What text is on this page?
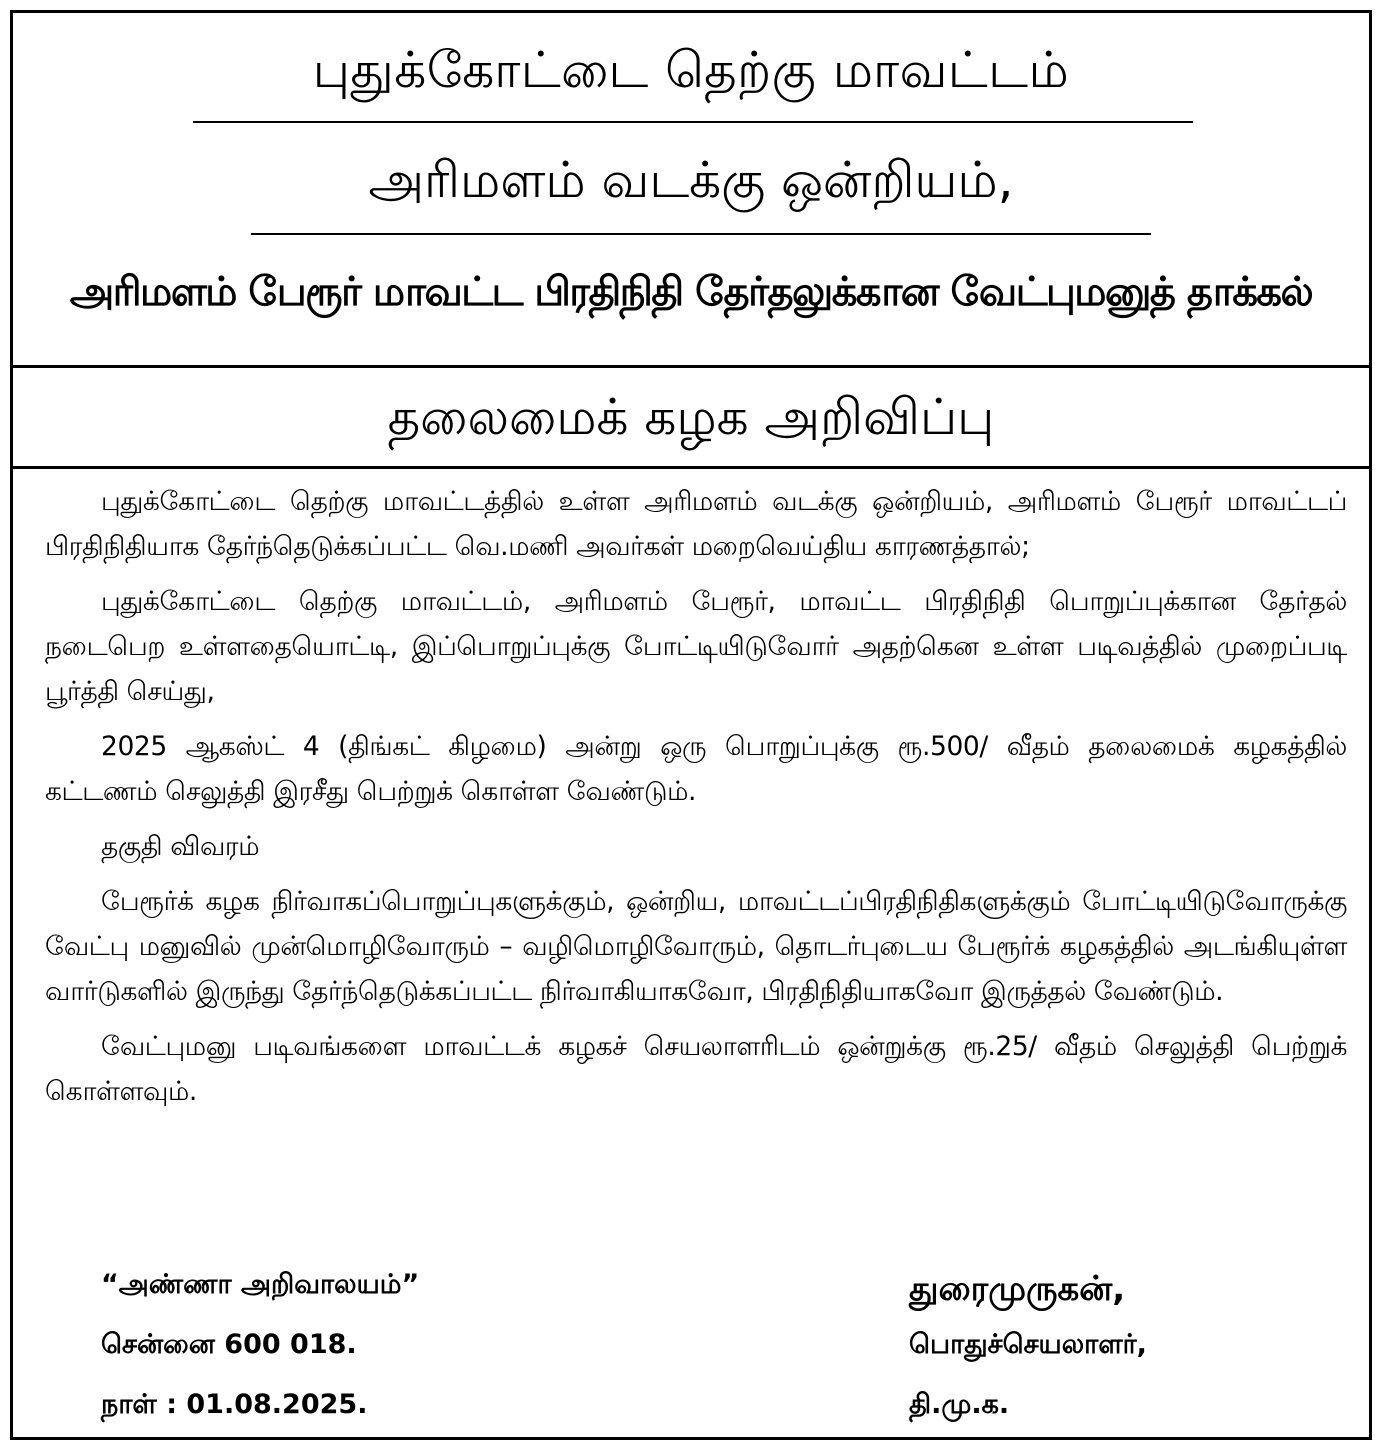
புதுக்கோட்டை தெற்கு மாவட்டம்
அரிமளம் வடக்கு ஒன்றியம்,
அரிமளம் பேரூர் மாவட்ட பிரதிநிதி தேர்தலுக்கான வேட்புமனுத் தாக்கல்
தலைமைக் கழக அறிவிப்பு

புதுக்கோட்டை தெற்கு மாவட்டத்தில் உள்ள அரிமளம் வடக்கு ஒன்றியம், அரிமளம் பேரூர் மாவட்டப் பிரதிநிதியாக தேர்ந்தெடுக்கப்பட்ட வெ.மணி அவர்கள் மறைவெய்திய காரணத்தால்;

புதுக்கோட்டை தெற்கு மாவட்டம், அரிமளம் பேரூர், மாவட்ட பிரதிநிதி பொறுப்புக்கான தேர்தல் நடைபெற உள்ளதையொட்டி, இப்பொறுப்புக்கு போட்டியிடுவோர் அதற்கென உள்ள படிவத்தில் முறைப்படி பூர்த்தி செய்து,

2025 ஆகஸ்ட் 4 (திங்கட் கிழமை) அன்று ஒரு பொறுப்புக்கு ரூ.500/ வீதம் தலைமைக் கழகத்தில் கட்டணம் செலுத்தி இரசீது பெற்றுக் கொள்ள வேண்டும்.

தகுதி விவரம்

பேரூர்க் கழக நிர்வாகப்பொறுப்புகளுக்கும், ஒன்றிய, மாவட்டப்பிரதிநிதிகளுக்கும் போட்டியிடுவோருக்கு வேட்பு மனுவில் முன்மொழிவோரும் – வழிமொழிவோரும், தொடர்புடைய பேரூர்க் கழகத்தில் அடங்கியுள்ள வார்டுகளில் இருந்து தேர்ந்தெடுக்கப்பட்ட நிர்வாகியாகவோ, பிரதிநிதியாகவோ இருத்தல் வேண்டும்.

வேட்புமனு படிவங்களை மாவட்டக் கழகச் செயலாளரிடம் ஒன்றுக்கு ரூ.25/ வீதம் செலுத்தி பெற்றுக் கொள்ளவும்.

“அண்ணா அறிவாலயம்”
சென்னை 600 018.
நாள் : 01.08.2025.
துரைமுருகன்,
பொதுச்செயலாளர்,
தி.மு.க.
